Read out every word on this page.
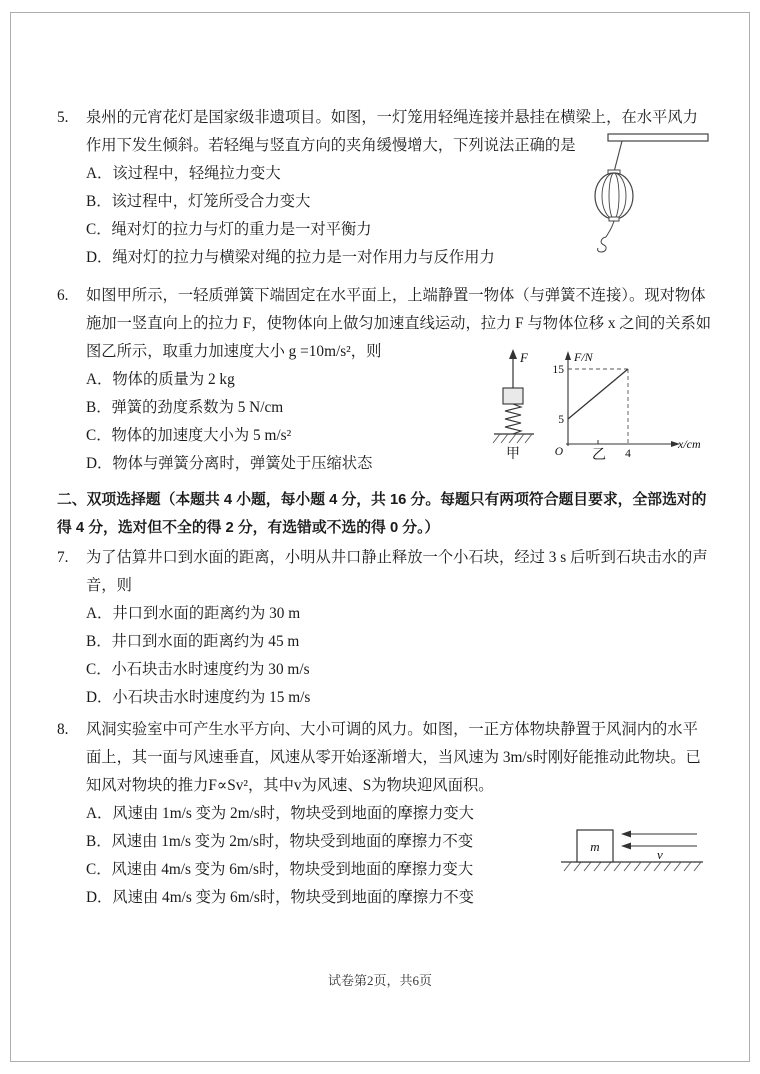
5. 泉州的元宵花灯是国家级非遗项目。如图，一灯笼用轻绳连接并悬挂在横梁上，在水平风力作用下发生倾斜。若轻绳与竖直方向的夹角缓慢增大，下列说法正确的是

A．该过程中，轻绳拉力变大

B．该过程中，灯笼所受合力变大

C．绳对灯的拉力与灯的重力是一对平衡力

D．绳对灯的拉力与横梁对绳的拉力是一对作用力与反作用力

6. 如图甲所示，一轻质弹簧下端固定在水平面上，上端静置一物体（与弹簧不连接）。现对物体施加一竖直向上的拉力 F，使物体向上做匀加速直线运动，拉力 F 与物体位移 x 之间的关系如图乙所示，取重力加速度大小 g =10m/s²，则

A．物体的质量为 2 kg

B．弹簧的劲度系数为 5 N/cm

C．物体的加速度大小为 5 m/s²

D．物体与弹簧分离时，弹簧处于压缩状态

F
甲
F/N
x/cm
15
5
O	4
乙

二、双项选择题（本题共 4 小题，每小题 4 分，共 16 分。每题只有两项符合题目要求，全部选对的得 4 分，选对但不全的得 2 分，有选错或不选的得 0 分。）

7. 为了估算井口到水面的距离，小明从井口静止释放一个小石块，经过 3 s 后听到石块击水的声音，则

A．井口到水面的距离约为 30 m

B．井口到水面的距离约为 45 m

C．小石块击水时速度约为 30 m/s

D．小石块击水时速度约为 15 m/s

8. 风洞实验室中可产生水平方向、大小可调的风力。如图，一正方体物块静置于风洞内的水平面上，其一面与风速垂直，风速从零开始逐渐增大，当风速为 3m/s时刚好能推动此物块。已知风对物块的推力F∝Sv²，其中v为风速、S为物块迎风面积。

A．风速由 1m/s 变为 2m/s时，物块受到地面的摩擦力变大

B．风速由 1m/s 变为 2m/s时，物块受到地面的摩擦力不变

C．风速由 4m/s 变为 6m/s时，物块受到地面的摩擦力变大

D．风速由 4m/s 变为 6m/s时，物块受到地面的摩擦力不变

m
v
试卷第2页，共6页
